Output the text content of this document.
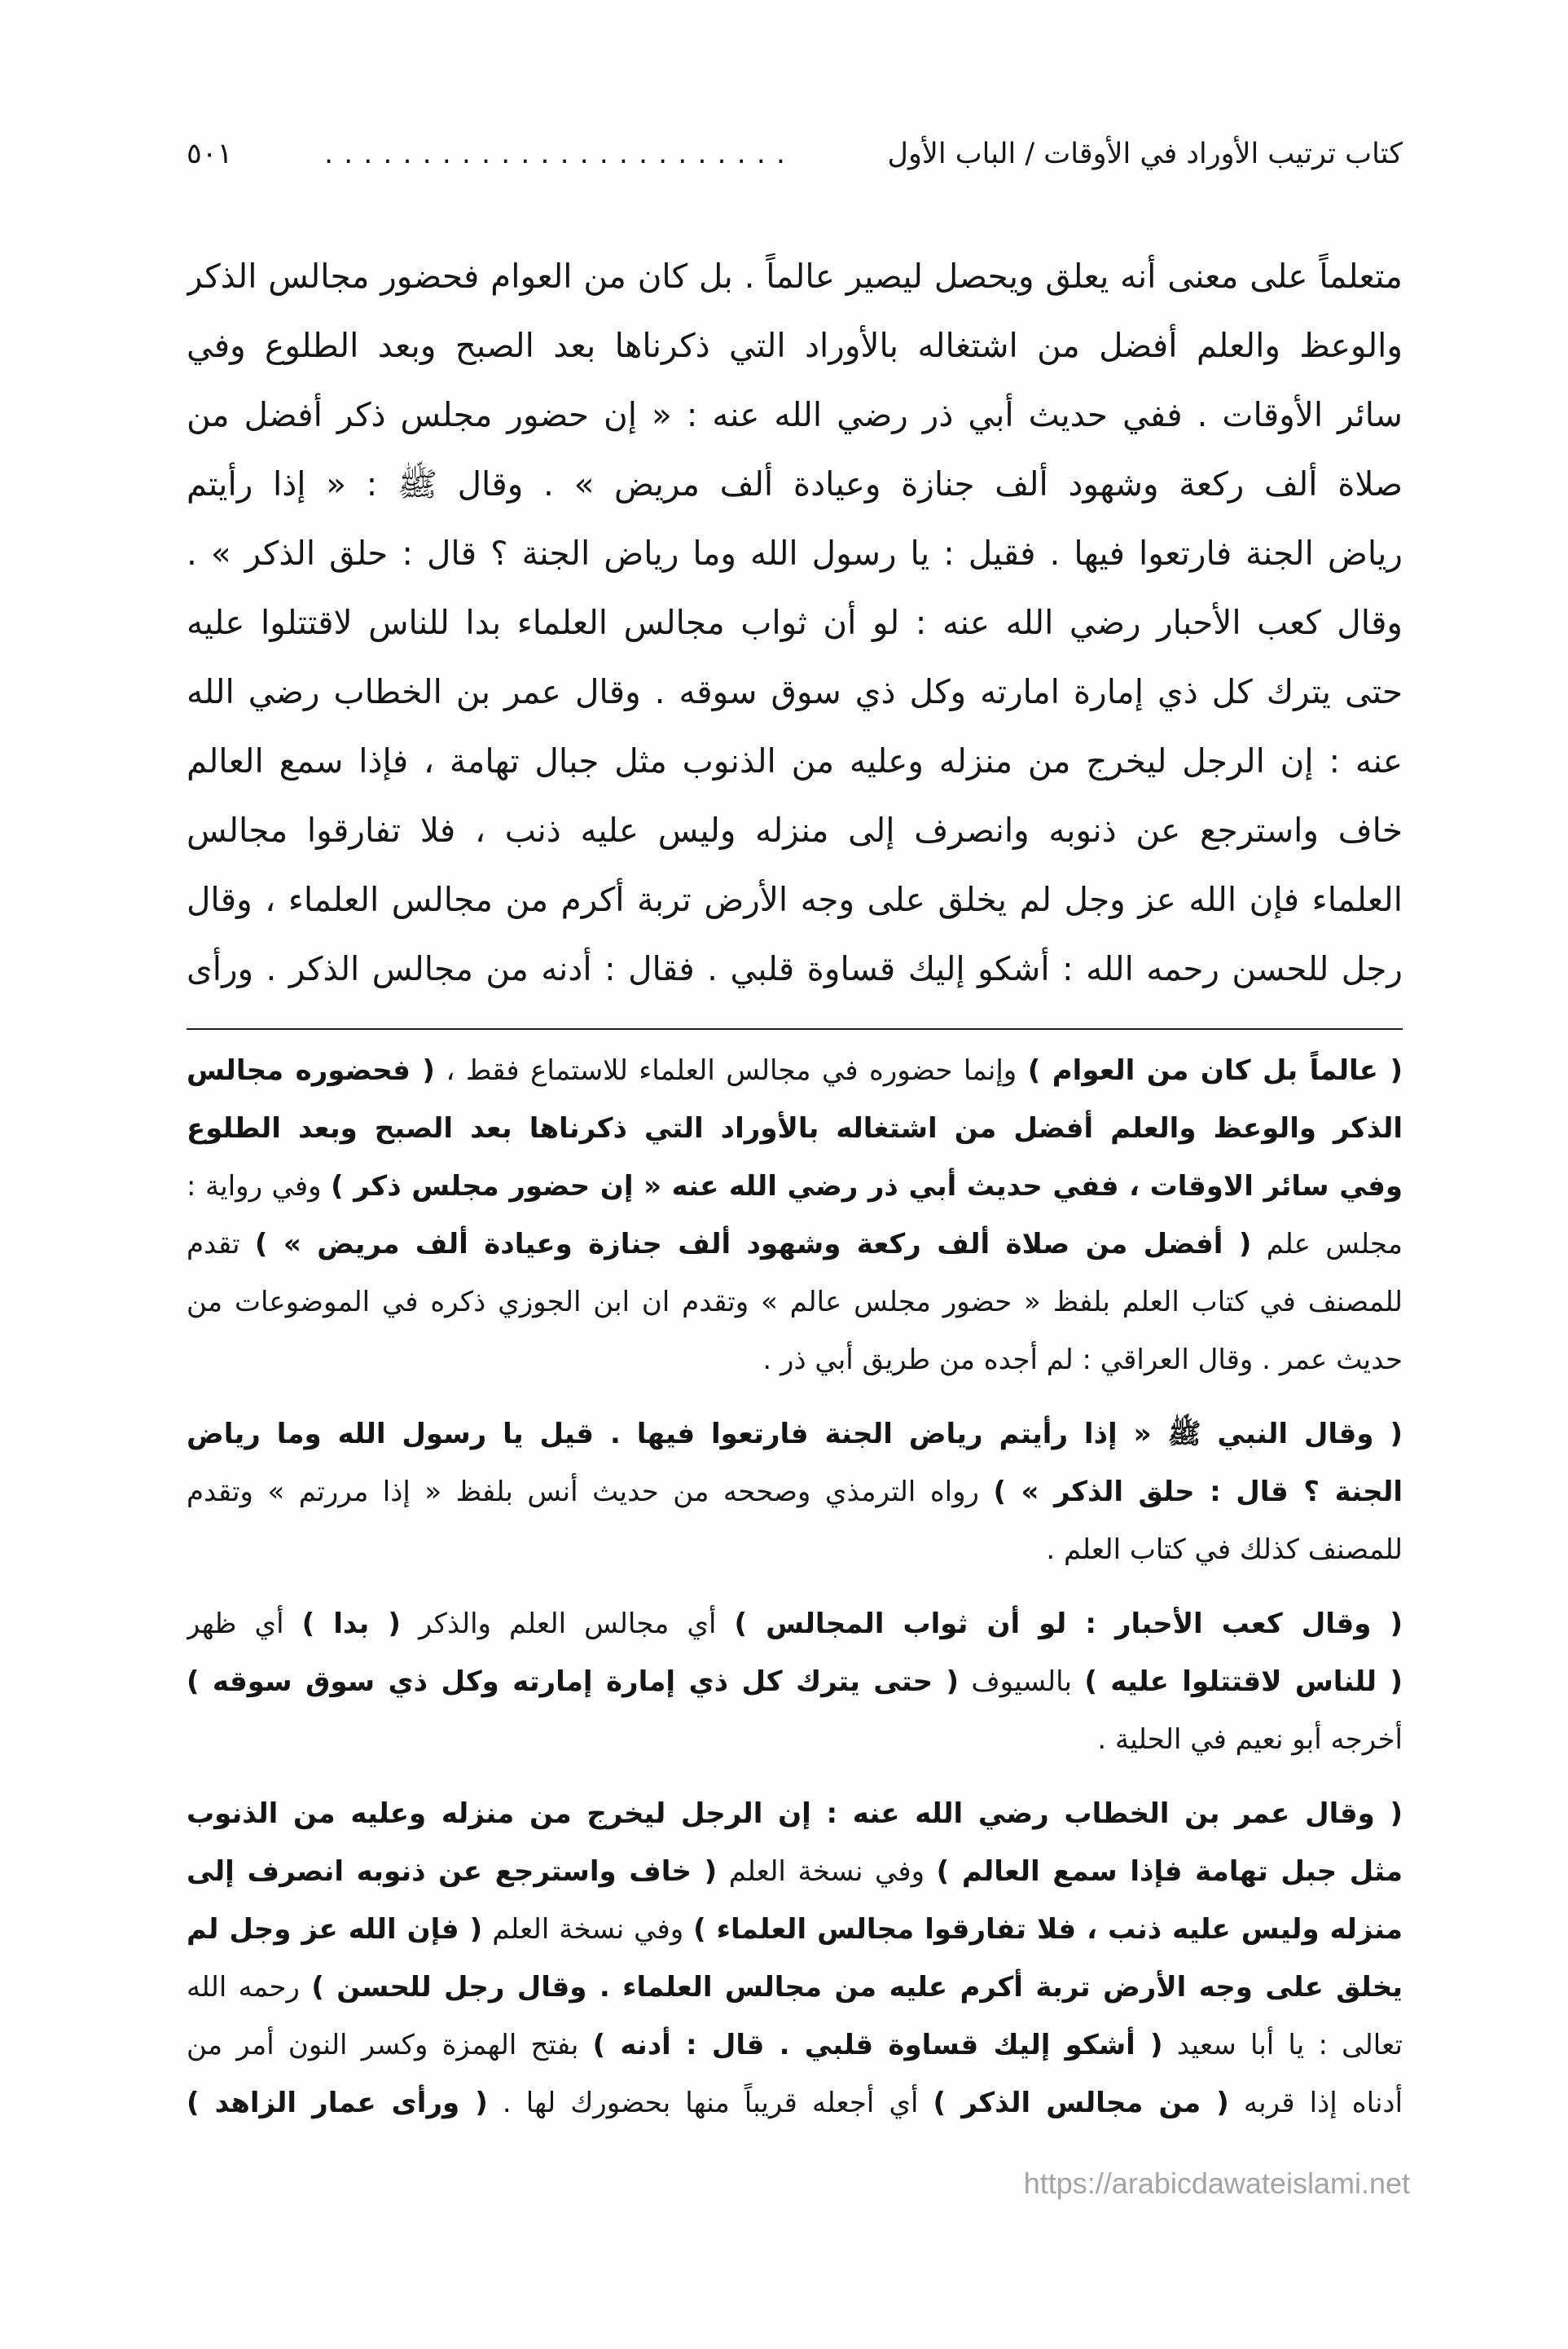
كتاب ترتيب الأوراد في الأوقات / الباب الأول
........................
٥٠١
متعلماً على معنى أنه يعلق ويحصل ليصير عالماً . بل كان من العوام فحضور مجالس الذكر
والوعظ والعلم أفضل من اشتغاله بالأوراد التي ذكرناها بعد الصبح وبعد الطلوع وفي
سائر الأوقات . ففي حديث أبي ذر رضي الله عنه : « إن حضور مجلس ذكر أفضل من
صلاة ألف ركعة وشهود ألف جنازة وعيادة ألف مريض » . وقال ﷺ : « إذا رأيتم
رياض الجنة فارتعوا فيها . فقيل : يا رسول الله وما رياض الجنة ؟ قال : حلق الذكر » .
وقال كعب الأحبار رضي الله عنه : لو أن ثواب مجالس العلماء بدا للناس لاقتتلوا عليه
حتى يترك كل ذي إمارة امارته وكل ذي سوق سوقه . وقال عمر بن الخطاب رضي الله
عنه : إن الرجل ليخرج من منزله وعليه من الذنوب مثل جبال تهامة ، فإذا سمع العالم
خاف واسترجع عن ذنوبه وانصرف إلى منزله وليس عليه ذنب ، فلا تفارقوا مجالس
العلماء فإن الله عز وجل لم يخلق على وجه الأرض تربة أكرم من مجالس العلماء ، وقال
رجل للحسن رحمه الله : أشكو إليك قساوة قلبي . فقال : أدنه من مجالس الذكر . ورأى
( عالماً بل كان من العوام ) وإنما حضوره في مجالس العلماء للاستماع فقط ، ( فحضوره مجالس
الذكر والوعظ والعلم أفضل من اشتغاله بالأوراد التي ذكرناها بعد الصبح وبعد الطلوع
وفي سائر الاوقات ، ففي حديث أبي ذر رضي الله عنه « إن حضور مجلس ذكر ) وفي رواية :
مجلس علم ( أفضل من صلاة ألف ركعة وشهود ألف جنازة وعيادة ألف مريض » ) تقدم
للمصنف في كتاب العلم بلفظ « حضور مجلس عالم » وتقدم ان ابن الجوزي ذكره في الموضوعات من
حديث عمر . وقال العراقي : لم أجده من طريق أبي ذر .
( وقال النبي ﷺ « إذا رأيتم رياض الجنة فارتعوا فيها . قيل يا رسول الله وما رياض
الجنة ؟ قال : حلق الذكر » ) رواه الترمذي وصححه من حديث أنس بلفظ « إذا مررتم » وتقدم
للمصنف كذلك في كتاب العلم .
( وقال كعب الأحبار : لو أن ثواب المجالس ) أي مجالس العلم والذكر ( بدا ) أي ظهر
( للناس لاقتتلوا عليه ) بالسيوف ( حتى يترك كل ذي إمارة إمارته وكل ذي سوق سوقه )
أخرجه أبو نعيم في الحلية .
( وقال عمر بن الخطاب رضي الله عنه : إن الرجل ليخرج من منزله وعليه من الذنوب
مثل جبل تهامة فإذا سمع العالم ) وفي نسخة العلم ( خاف واسترجع عن ذنوبه انصرف إلى
منزله وليس عليه ذنب ، فلا تفارقوا مجالس العلماء ) وفي نسخة العلم ( فإن الله عز وجل لم
يخلق على وجه الأرض تربة أكرم عليه من مجالس العلماء . وقال رجل للحسن ) رحمه الله
تعالى : يا أبا سعيد ( أشكو إليك قساوة قلبي . قال : أدنه ) بفتح الهمزة وكسر النون أمر من
أدناه إذا قربه ( من مجالس الذكر ) أي أجعله قريباً منها بحضورك لها . ( ورأى عمار الزاهد )
https://arabicdawateislami.net
